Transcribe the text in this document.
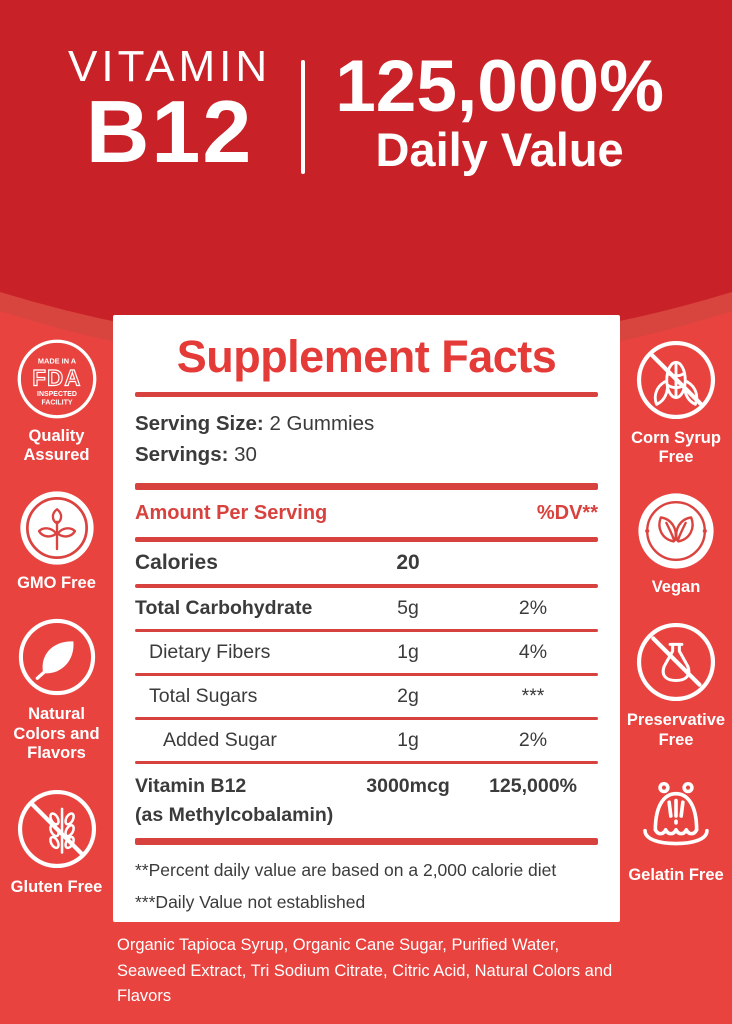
VITAMIN
B12 125,000%
Daily Value
MADE IN A
FDA
INSPECTED
FACILITY
Quality Assured
GMO Free
Natural Colors and Flavors
Gluten Free
Corn Syrup Free
Vegan
Preservative Free
Gelatin Free
Supplement Facts
Serving Size: 2 Gummies
Servings: 30
Amount Per Serving	%DV**
Calories	20
Total Carbohydrate	5g	2%
Dietary Fibers	1g	4%
Total Sugars	2g	***
Added Sugar	1g	2%
Vitamin B12
(as Methylcobalamin)
3000mcg	125,000%
**Percent daily value are based on a 2,000 calorie diet
***Daily Value not established
Organic Tapioca Syrup, Organic Cane Sugar, Purified Water, Seaweed Extract, Tri Sodium Citrate, Citric Acid, Natural Colors and Flavors
